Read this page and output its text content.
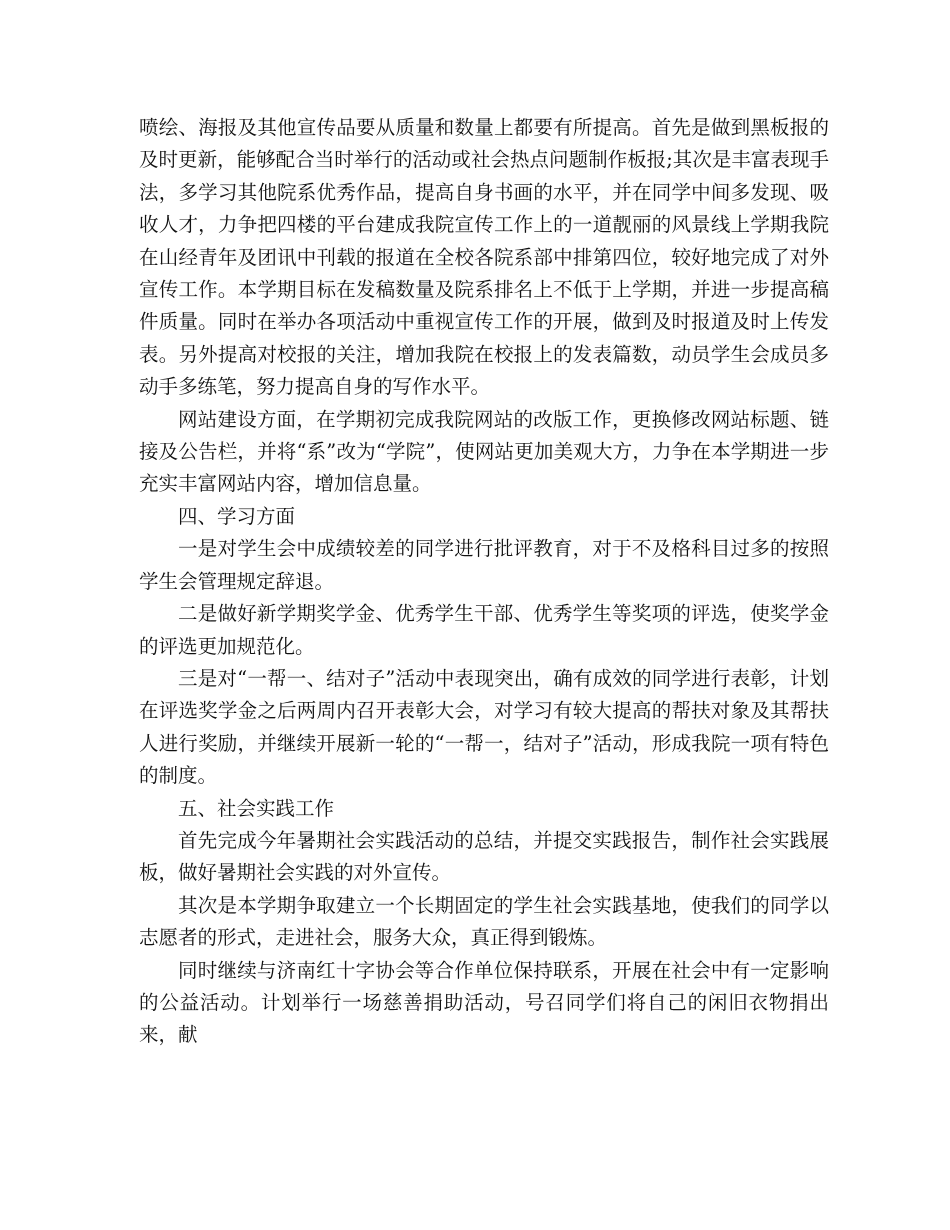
喷绘、海报及其他宣传品要从质量和数量上都要有所提高。首先是做到黑板报的及时更新，能够配合当时举行的活动或社会热点问题制作板报;其次是丰富表现手法，多学习其他院系优秀作品，提高自身书画的水平，并在同学中间多发现、吸收人才，力争把四楼的平台建成我院宣传工作上的一道靓丽的风景线上学期我院在山经青年及团讯中刊载的报道在全校各院系部中排第四位，较好地完成了对外宣传工作。本学期目标在发稿数量及院系排名上不低于上学期，并进一步提高稿件质量。同时在举办各项活动中重视宣传工作的开展，做到及时报道及时上传发表。另外提高对校报的关注，增加我院在校报上的发表篇数，动员学生会成员多动手多练笔，努力提高自身的写作水平。

网站建设方面，在学期初完成我院网站的改版工作，更换修改网站标题、链接及公告栏，并将“系”改为“学院”，使网站更加美观大方，力争在本学期进一步充实丰富网站内容，增加信息量。

四、学习方面

一是对学生会中成绩较差的同学进行批评教育，对于不及格科目过多的按照学生会管理规定辞退。

二是做好新学期奖学金、优秀学生干部、优秀学生等奖项的评选，使奖学金的评选更加规范化。

三是对“一帮一、结对子”活动中表现突出，确有成效的同学进行表彰，计划在评选奖学金之后两周内召开表彰大会，对学习有较大提高的帮扶对象及其帮扶人进行奖励，并继续开展新一轮的“一帮一，结对子”活动，形成我院一项有特色的制度。

五、社会实践工作

首先完成今年暑期社会实践活动的总结，并提交实践报告，制作社会实践展板，做好暑期社会实践的对外宣传。

其次是本学期争取建立一个长期固定的学生社会实践基地，使我们的同学以志愿者的形式，走进社会，服务大众，真正得到锻炼。

同时继续与济南红十字协会等合作单位保持联系，开展在社会中有一定影响的公益活动。计划举行一场慈善捐助活动，号召同学们将自己的闲旧衣物捐出来，献
